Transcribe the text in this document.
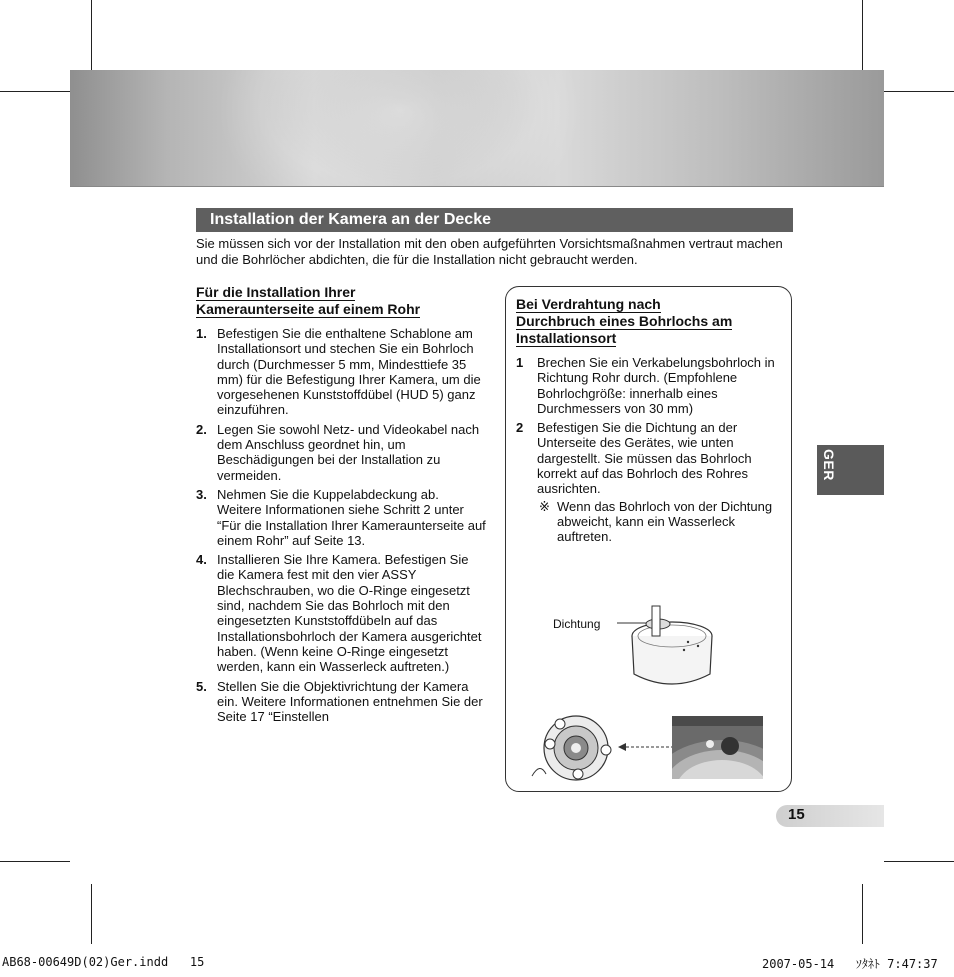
Installation der Kamera an der Decke
Sie müssen sich vor der Installation mit den oben aufgeführten Vorsichtsmaßnahmen vertraut machen und die Bohrlöcher abdichten, die für die Installation nicht gebraucht werden.
Für die Installation Ihrer
Kameraunterseite auf einem Rohr
1. Befestigen Sie die enthaltene Schablone am Installationsort und stechen Sie ein Bohrloch durch (Durchmesser 5 mm, Mindesttiefe 35 mm) für die Befestigung Ihrer Kamera, um die vorgesehenen Kunststoffdübel (HUD 5) ganz einzuführen.
2. Legen Sie sowohl Netz- und Videokabel nach dem Anschluss geordnet hin, um Beschädigungen bei der Installation zu vermeiden.
3. Nehmen Sie die Kuppelabdeckung ab. Weitere Informationen siehe Schritt 2 unter “Für die Installation Ihrer Kameraunterseite auf einem Rohr” auf Seite 13.
4. Installieren Sie Ihre Kamera. Befestigen Sie die Kamera fest mit den vier ASSY Blechschrauben, wo die O-Ringe eingesetzt sind, nachdem Sie das Bohrloch mit den eingesetzten Kunststoffdübeln auf das Installationsbohrloch der Kamera ausgerichtet haben. (Wenn keine O-Ringe eingesetzt werden, kann ein Wasserleck auftreten.)
5. Stellen Sie die Objektivrichtung der Kamera ein. Weitere Informationen entnehmen Sie der Seite 17 “Einstellen
Bei Verdrahtung nach
Durchbruch eines Bohrlochs am
Installationsort
1 Brechen Sie ein Verkabelungsbohrloch in Richtung Rohr durch. (Empfohlene Bohrlochgröße: innerhalb eines Durchmessers von 30 mm)
2 Befestigen Sie die Dichtung an der Unterseite des Gerätes, wie unten dargestellt. Sie müssen das Bohrloch korrekt auf das Bohrloch des Rohres ausrichten.
※ Wenn das Bohrloch von der Dichtung abweicht, kann ein Wasserleck auftreten.
Dichtung
GER
15
AB68-00649D(02)Ger.indd   15	2007-05-14   ｿﾀﾈﾄ 7:47:37
